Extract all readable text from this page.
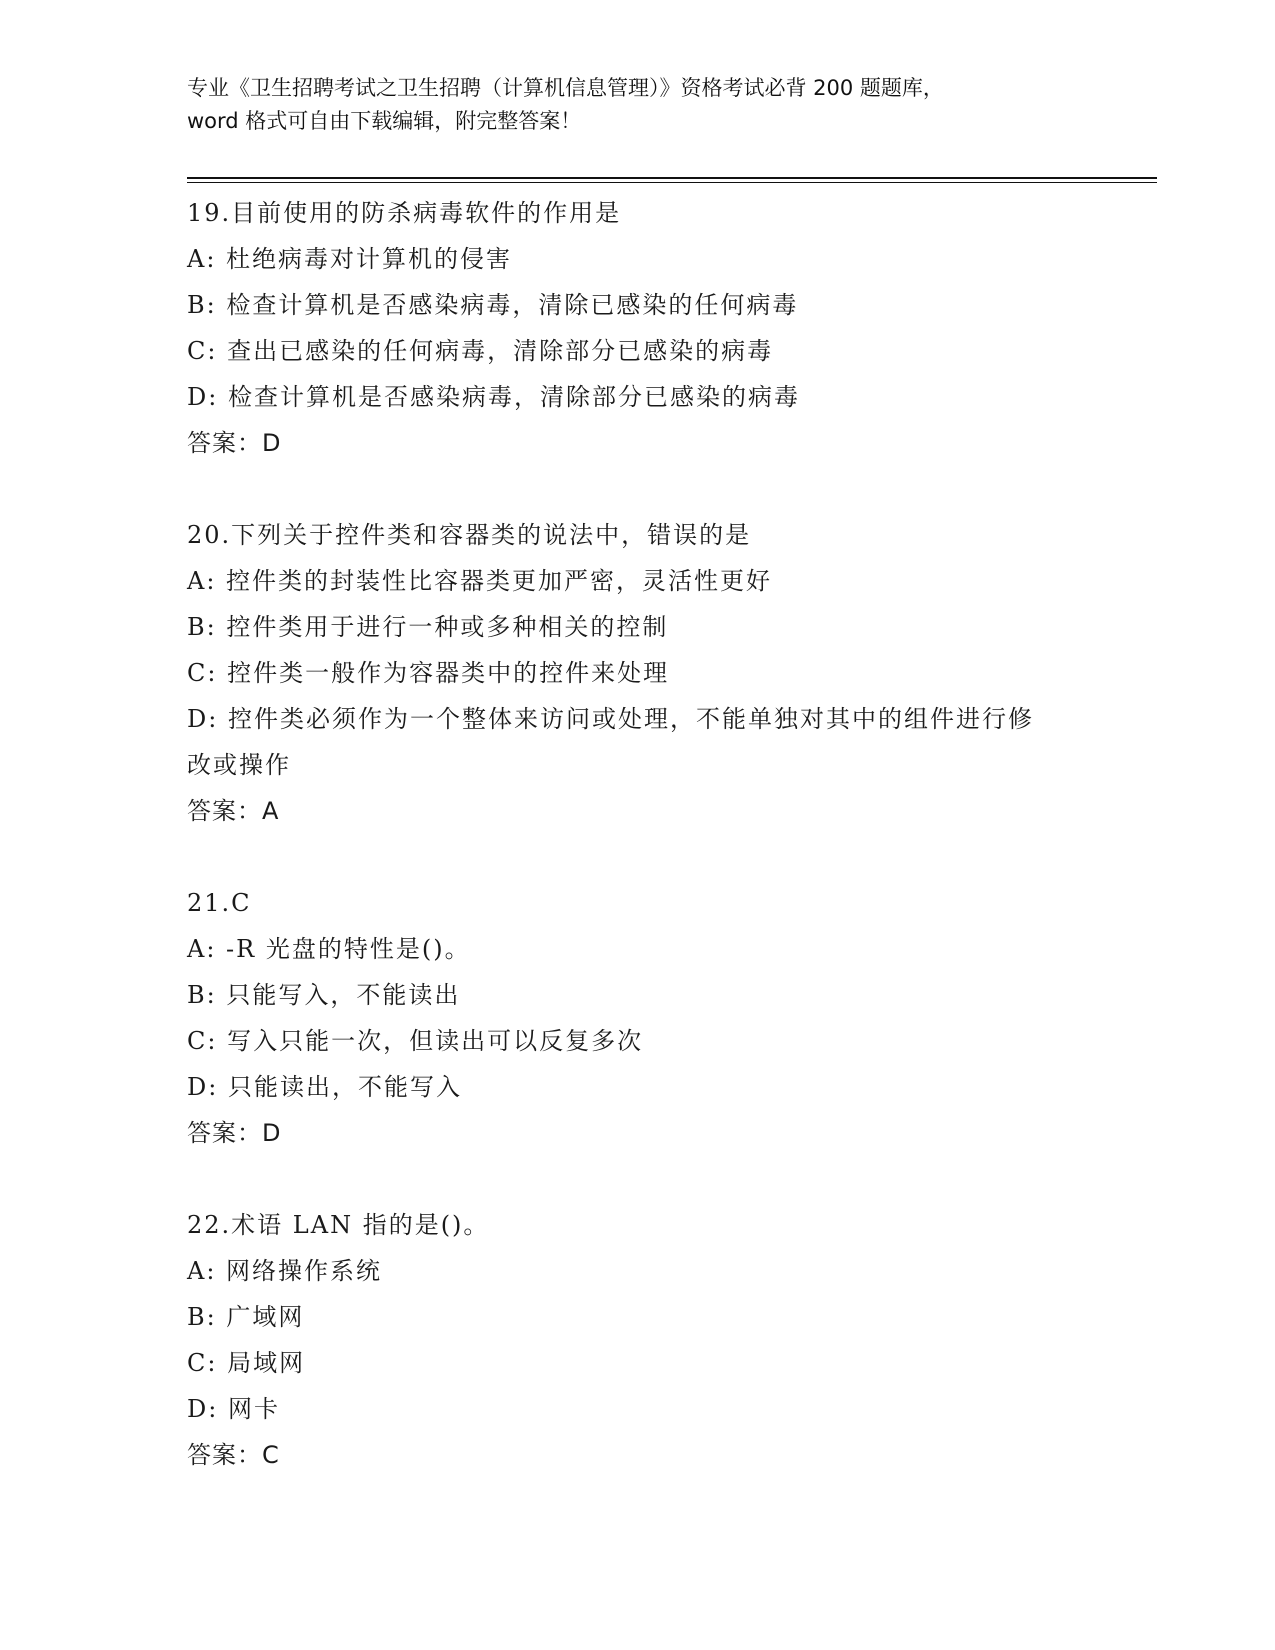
专业《卫生招聘考试之卫生招聘（计算机信息管理）》资格考试必背 200 题题库，
word 格式可自由下载编辑，附完整答案！
19.目前使用的防杀病毒软件的作用是
A: 杜绝病毒对计算机的侵害
B: 检查计算机是否感染病毒，清除已感染的任何病毒
C: 查出已感染的任何病毒，清除部分已感染的病毒
D: 检查计算机是否感染病毒，清除部分已感染的病毒
答案：D
20.下列关于控件类和容器类的说法中，错误的是
A: 控件类的封装性比容器类更加严密，灵活性更好
B: 控件类用于进行一种或多种相关的控制
C: 控件类一般作为容器类中的控件来处理
D: 控件类必须作为一个整体来访问或处理，不能单独对其中的组件进行修改或操作
答案：A
21.C
A: -R 光盘的特性是()。
B: 只能写入，不能读出
C: 写入只能一次，但读出可以反复多次
D: 只能读出，不能写入
答案：D
22.术语 LAN 指的是()。
A: 网络操作系统
B: 广域网
C: 局域网
D: 网卡
答案：C
